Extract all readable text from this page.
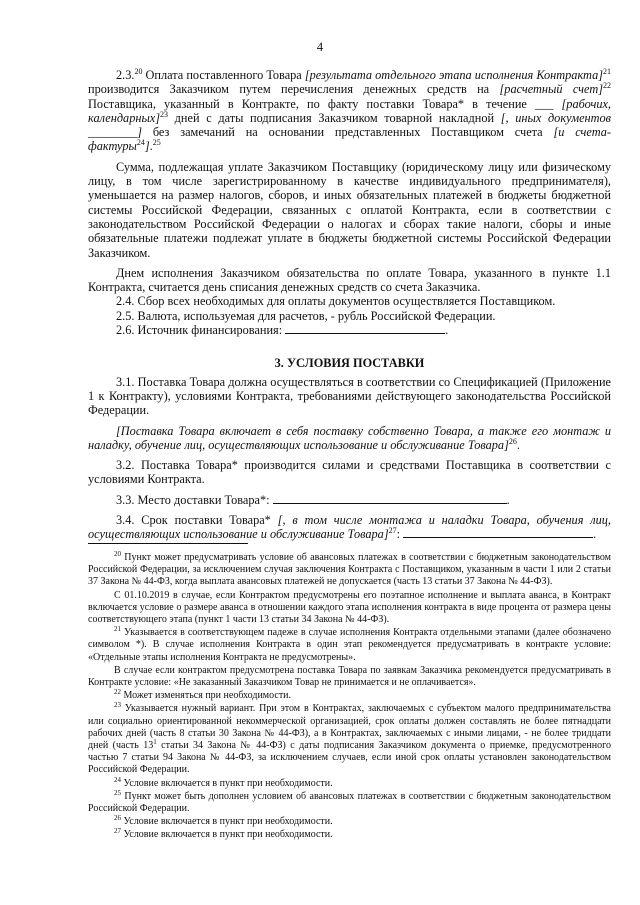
4

2.3.20 Оплата поставленного Товара [результата отдельного этапа исполнения Контракта]$^{21}$ производится Заказчиком путем перечисления денежных средств на [расчетный счет]$^{22}$ Поставщика, указанный в Контракте, по факту поставки Товара* в течение ___ [рабочих, календарных]$^{23}$ дней с даты подписания Заказчиком товарной накладной [, иных документов ________] без замечаний на основании представленных Поставщиком счета [и счета-фактуры$^{24}$].$^{25}$

Сумма, подлежащая уплате Заказчиком Поставщику (юридическому лицу или физическому лицу, в том числе зарегистрированному в качестве индивидуального предпринимателя), уменьшается на размер налогов, сборов, и иных обязательных платежей в бюджеты бюджетной системы Российской Федерации, связанных с оплатой Контракта, если в соответствии с законодательством Российской Федерации о налогах и сборах такие налоги, сборы и иные обязательные платежи подлежат уплате в бюджеты бюджетной системы Российской Федерации Заказчиком.

Днем исполнения Заказчиком обязательства по оплате Товара, указанного в пункте 1.1 Контракта, считается день списания денежных средств со счета Заказчика.

2.4. Сбор всех необходимых для оплаты документов осуществляется Поставщиком.

2.5. Валюта, используемая для расчетов, - рубль Российской Федерации.

2.6. Источник финансирования:	.

3. УСЛОВИЯ ПОСТАВКИ

3.1. Поставка Товара должна осуществляться в соответствии со Спецификацией (Приложение 1 к Контракту), условиями Контракта, требованиями действующего законодательства Российской Федерации.

[Поставка Товара включает в себя поставку собственно Товара, а также его монтаж и наладку, обучение лиц, осуществляющих использование и обслуживание Товара]$^{26}$.

3.2. Поставка Товара* производится силами и средствами Поставщика в соответствии с условиями Контракта.

3.3. Место доставки Товара*:	.

3.4. Срок поставки Товара* [, в том числе монтажа и наладки Товара, обучения лиц, осуществляющих использование и обслуживание Товара]$^{27}$:	.

$^{20}$ Пункт может предусматривать условие об авансовых платежах в соответствии с бюджетным законодательством Российской Федерации, за исключением случая заключения Контракта с Поставщиком, указанным в части 1 или 2 статьи 37 Закона № 44-ФЗ, когда выплата авансовых платежей не допускается (часть 13 статьи 37 Закона № 44-ФЗ).

С 01.10.2019 в случае, если Контрактом предусмотрены его поэтапное исполнение и выплата аванса, в Контракт включается условие о размере аванса в отношении каждого этапа исполнения контракта в виде процента от размера цены соответствующего этапа (пункт 1 части 13 статьи 34 Закона № 44-ФЗ).

$^{21}$ Указывается в соответствующем падеже в случае исполнения Контракта отдельными этапами (далее обозначено символом *). В случае исполнения Контракта в один этап рекомендуется предусматривать в контракте условие: «Отдельные этапы исполнения Контракта не предусмотрены».

В случае если контрактом предусмотрена поставка Товара по заявкам Заказчика рекомендуется предусматривать в Контракте условие: «Не заказанный Заказчиком Товар не принимается и не оплачивается».

$^{22}$ Может изменяться при необходимости.

$^{23}$ Указывается нужный вариант. При этом в Контрактах, заключаемых с субъектом малого предпринимательства или социально ориентированной некоммерческой организацией, срок оплаты должен составлять не более пятнадцати рабочих дней (часть 8 статьи 30 Закона № 44-ФЗ), а в Контрактах, заключаемых с иными лицами, - не более тридцати дней (часть $13^1$ статьи 34 Закона № 44-ФЗ) с даты подписания Заказчиком документа о приемке, предусмотренного частью 7 статьи 94 Закона № 44-ФЗ, за исключением случаев, если иной срок оплаты установлен законодательством Российской Федерации.

$^{24}$ Условие включается в пункт при необходимости.

$^{25}$ Пункт может быть дополнен условием об авансовых платежах в соответствии с бюджетным законодательством Российской Федерации.

$^{26}$ Условие включается в пункт при необходимости.

$^{27}$ Условие включается в пункт при необходимости.
